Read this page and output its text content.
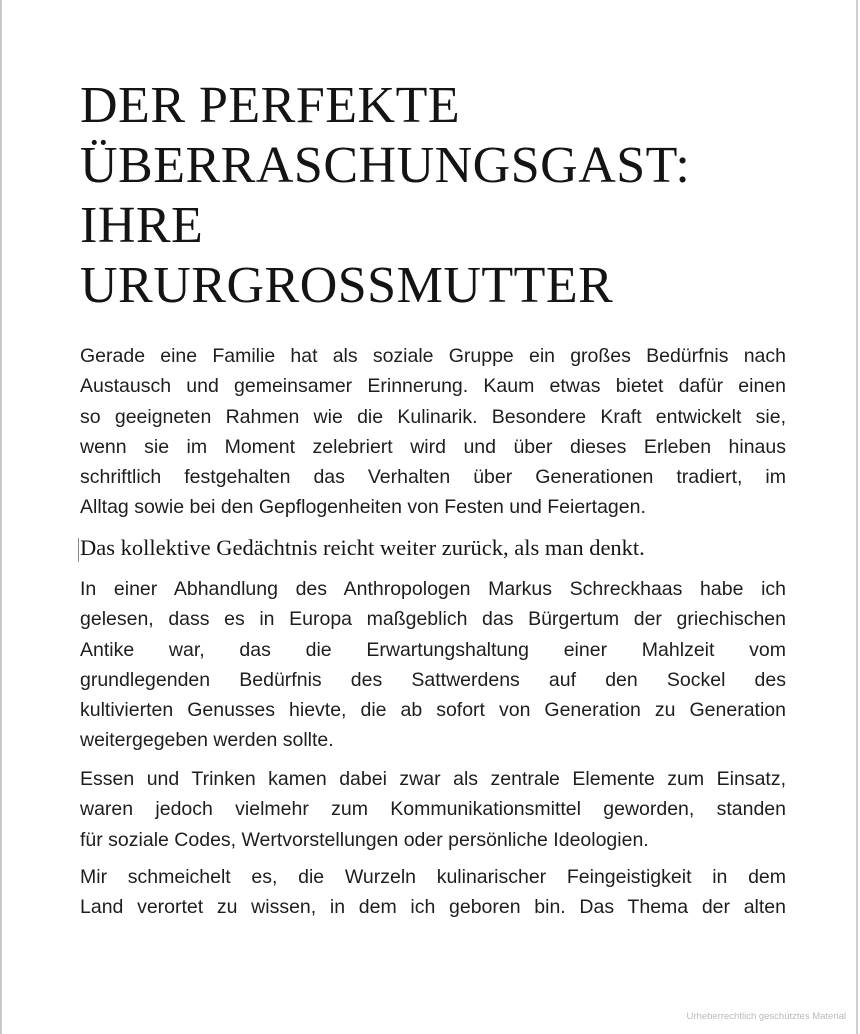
DER PERFEKTE
ÜBERRASCHUNGSGAST:
IHRE
URURGROSSMUTTER

Gerade eine Familie hat als soziale Gruppe ein großes Bedürfnis nach
Austausch und gemeinsamer Erinnerung. Kaum etwas bietet dafür einen
so geeigneten Rahmen wie die Kulinarik. Besondere Kraft entwickelt sie,
wenn sie im Moment zelebriert wird und über dieses Erleben hinaus
schriftlich festgehalten das Verhalten über Generationen tradiert, im
Alltag sowie bei den Gepflogenheiten von Festen und Feiertagen.

Das kollektive Gedächtnis reicht weiter zurück, als man denkt.

In einer Abhandlung des Anthropologen Markus Schreckhaas habe ich
gelesen, dass es in Europa maßgeblich das Bürgertum der griechischen
Antike war, das die Erwartungshaltung einer Mahlzeit vom
grundlegenden Bedürfnis des Sattwerdens auf den Sockel des
kultivierten Genusses hievte, die ab sofort von Generation zu Generation
weitergegeben werden sollte.

Essen und Trinken kamen dabei zwar als zentrale Elemente zum Einsatz,
waren jedoch vielmehr zum Kommunikationsmittel geworden, standen
für soziale Codes, Wertvorstellungen oder persönliche Ideologien.

Mir schmeichelt es, die Wurzeln kulinarischer Feingeistigkeit in dem
Land verortet zu wissen, in dem ich geboren bin. Das Thema der alten

Urheberrechtlich geschütztes Material
